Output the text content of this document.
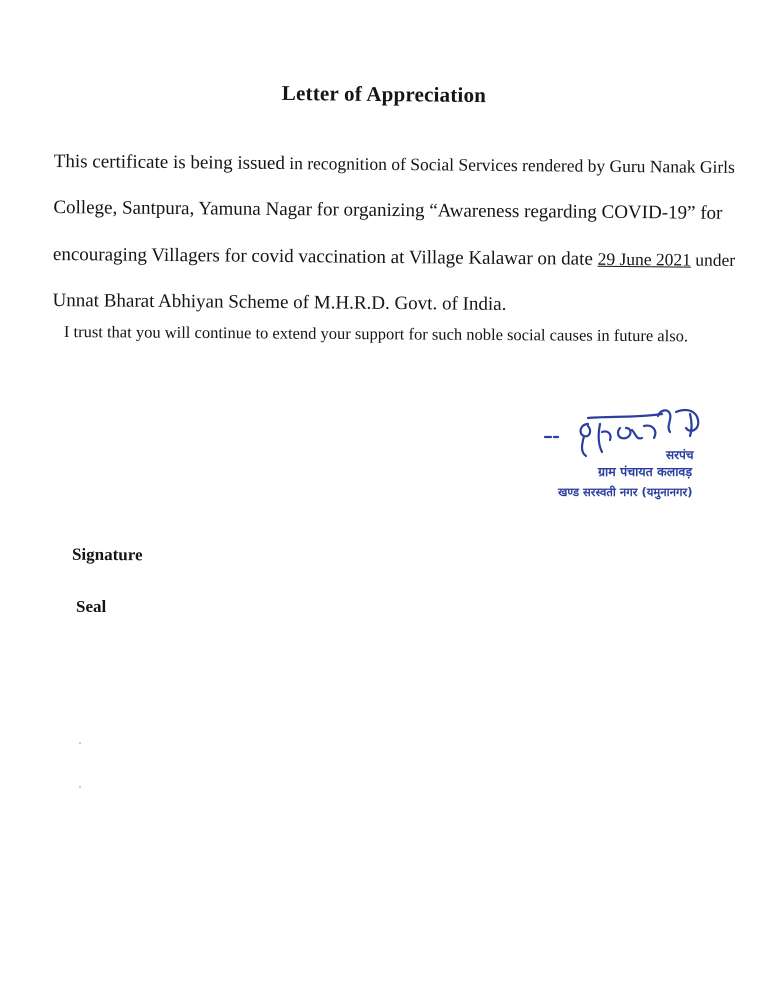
Letter of Appreciation
This certificate is being issued in recognition of Social Services rendered by Guru Nanak Girls
College, Santpura, Yamuna Nagar for organizing “Awareness regarding COVID-19” for
encouraging Villagers for covid vaccination at Village Kalawar on date 29 June 2021 under
Unnat Bharat Abhiyan Scheme of M.H.R.D. Govt. of India.
I trust that you will continue to extend your support for such noble social causes in future also.
सरपंच
ग्राम पंचायत कलावड़
खण्ड सरस्वती नगर (यमुनानगर)
Signature
Seal
